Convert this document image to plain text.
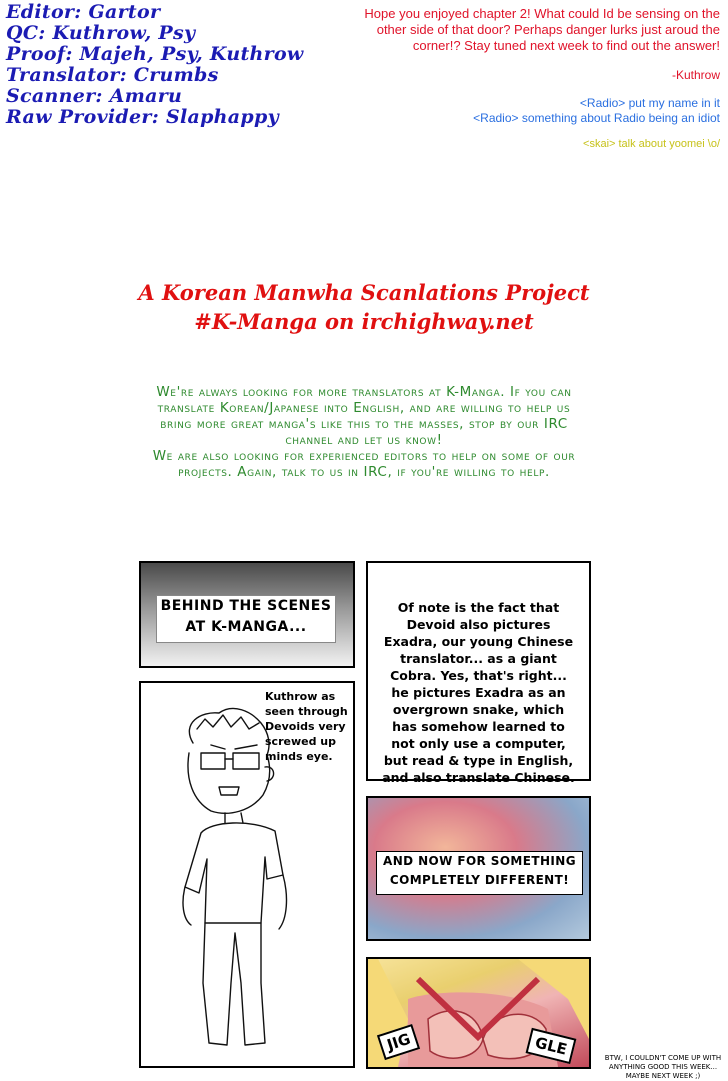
Editor: Gartor
QC: Kuthrow, Psy
Proof: Majeh, Psy, Kuthrow
Translator: Crumbs
Scanner: Amaru
Raw Provider: Slaphappy
Hope you enjoyed chapter 2! What could Id be sensing on the other side of that door? Perhaps danger lurks just aroud the corner!? Stay tuned next week to find out the answer!
-Kuthrow
<Radio> put my name in it
<Radio> something about Radio being an idiot
<skai> talk about yoomei \o/
A Korean Manwha Scanlations Project
#K-Manga on irchighway.net
We're always looking for more translators at K-Manga. If you can translate Korean/Japanese into English, and are willing to help us bring more great manga's like this to the masses, stop by our IRC channel and let us know!
We are also looking for experienced editors to help on some of our projects. Again, talk to us in IRC, if you're willing to help.
BEHIND THE SCENES AT K-MANGA...
Of note is the fact that Devoid also pictures Exadra, our young Chinese translator... as a giant Cobra. Yes, that's right... he pictures Exadra as an overgrown snake, which has somehow learned to not only use a computer, but read & type in English, and also translate Chinese.
Kuthrow as seen through Devoids very screwed up minds eye.
AND NOW FOR SOMETHING COMPLETELY DIFFERENT!
JIG	GLE	BTW, I COULDN'T COME UP WITH ANYTHING GOOD THIS WEEK... MAYBE NEXT WEEK ;)
